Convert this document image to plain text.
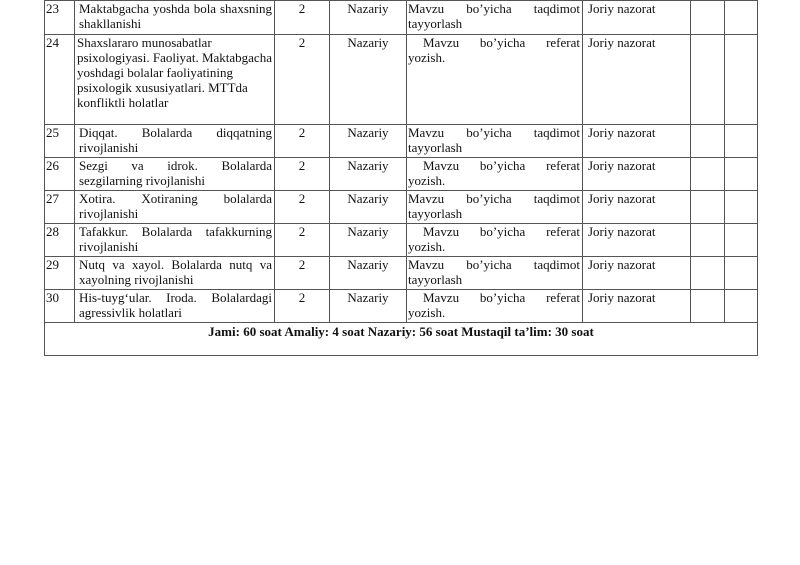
23	Maktabgacha yoshda bola shaxsning shakllanishi	2	Nazariy	Mavzu bo’yicha taqdimot tayyorlash	Joriy nazorat		
24	Shaxslararo munosabatlar psixologiyasi. Faoliyat. Maktabgacha yoshdagi bolalar faoliyatining psixologik xususiyatlari. MTTda konfliktli holatlar	2	Nazariy	Mavzu bo’yicha referat yozish.	Joriy nazorat		
25	Diqqat. Bolalarda diqqatning rivojlanishi	2	Nazariy	Mavzu bo’yicha taqdimot tayyorlash	Joriy nazorat		
26	Sezgi va idrok. Bolalarda sezgilarning rivojlanishi	2	Nazariy	Mavzu bo’yicha referat yozish.	Joriy nazorat		
27	Xotira. Xotiraning bolalarda rivojlanishi	2	Nazariy	Mavzu bo’yicha taqdimot tayyorlash	Joriy nazorat		
28	Tafakkur. Bolalarda tafakkurning rivojlanishi	2	Nazariy	Mavzu bo’yicha referat yozish.	Joriy nazorat		
29	Nutq va xayol. Bolalarda nutq va xayolning rivojlanishi	2	Nazariy	Mavzu bo’yicha taqdimot tayyorlash	Joriy nazorat		
30	His-tuyg‘ular. Iroda. Bolalardagi agressivlik holatlari	2	Nazariy	Mavzu bo’yicha referat yozish.	Joriy nazorat		
Jami: 60 soat Amaliy: 4 soat Nazariy: 56 soat Mustaqil ta’lim: 30 soat							
